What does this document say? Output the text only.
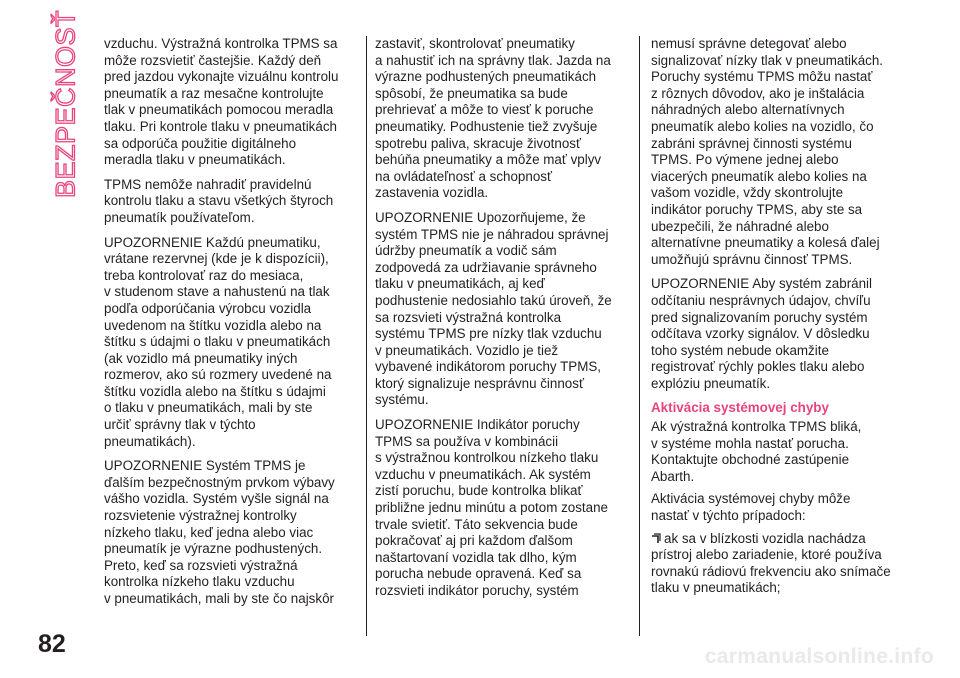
BEZPEČNOSŤ vzduchu. Výstražná kontrolka TPMS sa
môže rozsvietiť častejšie. Každý deň
pred jazdou vykonajte vizuálnu kontrolu
pneumatík a raz mesačne kontrolujte
tlak v pneumatikách pomocou meradla
tlaku. Pri kontrole tlaku v pneumatikách
sa odporúča použitie digitálneho
meradla tlaku v pneumatikách.

TPMS nemôže nahradiť pravidelnú
kontrolu tlaku a stavu všetkých štyroch
pneumatík používateľom.

UPOZORNENIE Každú pneumatiku,
vrátane rezervnej (kde je k dispozícii),
treba kontrolovať raz do mesiaca,
v studenom stave a nahustenú na tlak
podľa odporúčania výrobcu vozidla
uvedenom na štítku vozidla alebo na
štítku s údajmi o tlaku v pneumatikách
(ak vozidlo má pneumatiky iných
rozmerov, ako sú rozmery uvedené na
štítku vozidla alebo na štítku s údajmi
o tlaku v pneumatikách, mali by ste
určiť správny tlak v týchto
pneumatikách).

UPOZORNENIE Systém TPMS je
ďalším bezpečnostným prvkom výbavy
vášho vozidla. Systém vyšle signál na
rozsvietenie výstražnej kontrolky
nízkeho tlaku, keď jedna alebo viac
pneumatík je výrazne podhustených.
Preto, keď sa rozsvieti výstražná
kontrolka nízkeho tlaku vzduchu
v pneumatikách, mali by ste čo najskôr

zastaviť, skontrolovať pneumatiky
a nahustiť ich na správny tlak. Jazda na
výrazne podhustených pneumatikách
spôsobí, že pneumatika sa bude
prehrievať a môže to viesť k poruche
pneumatiky. Podhustenie tiež zvyšuje
spotrebu paliva, skracuje životnosť
behúňa pneumatiky a môže mať vplyv
na ovládateľnosť a schopnosť
zastavenia vozidla.

UPOZORNENIE Upozorňujeme, že
systém TPMS nie je náhradou správnej
údržby pneumatík a vodič sám
zodpovedá za udržiavanie správneho
tlaku v pneumatikách, aj keď
podhustenie nedosiahlo takú úroveň, že
sa rozsvieti výstražná kontrolka
systému TPMS pre nízky tlak vzduchu
v pneumatikách. Vozidlo je tiež
vybavené indikátorom poruchy TPMS,
ktorý signalizuje nesprávnu činnosť
systému.

UPOZORNENIE Indikátor poruchy
TPMS sa používa v kombinácii
s výstražnou kontrolkou nízkeho tlaku
vzduchu v pneumatikách. Ak systém
zistí poruchu, bude kontrolka blikať
približne jednu minútu a potom zostane
trvale svietiť. Táto sekvencia bude
pokračovať aj pri každom ďalšom
naštartovaní vozidla tak dlho, kým
porucha nebude opravená. Keď sa
rozsvieti indikátor poruchy, systém

nemusí správne detegovať alebo
signalizovať nízky tlak v pneumatikách.
Poruchy systému TPMS môžu nastať
z rôznych dôvodov, ako je inštalácia
náhradných alebo alternatívnych
pneumatík alebo kolies na vozidlo, čo
zabráni správnej činnosti systému
TPMS. Po výmene jednej alebo
viacerých pneumatík alebo kolies na
vašom vozidle, vždy skontrolujte
indikátor poruchy TPMS, aby ste sa
ubezpečili, že náhradné alebo
alternatívne pneumatiky a kolesá ďalej
umožňujú správnu činnosť TPMS.

UPOZORNENIE Aby systém zabránil
odčítaniu nesprávnych údajov, chvíľu
pred signalizovaním poruchy systém
odčítava vzorky signálov. V dôsledku
toho systém nebude okamžite
registrovať rýchly pokles tlaku alebo
explóziu pneumatík.

Aktivácia systémovej chyby

Ak výstražná kontrolka TPMS bliká,
v systéme mohla nastať porucha.
Kontaktujte obchodné zastúpenie
Abarth.

Aktivácia systémovej chyby môže
nastať v týchto prípadoch:

ak sa v blízkosti vozidla nachádza
prístroj alebo zariadenie, ktoré používa
rovnakú rádiovú frekvenciu ako snímače
tlaku v pneumatikách;

82	carmanualsonline.info
